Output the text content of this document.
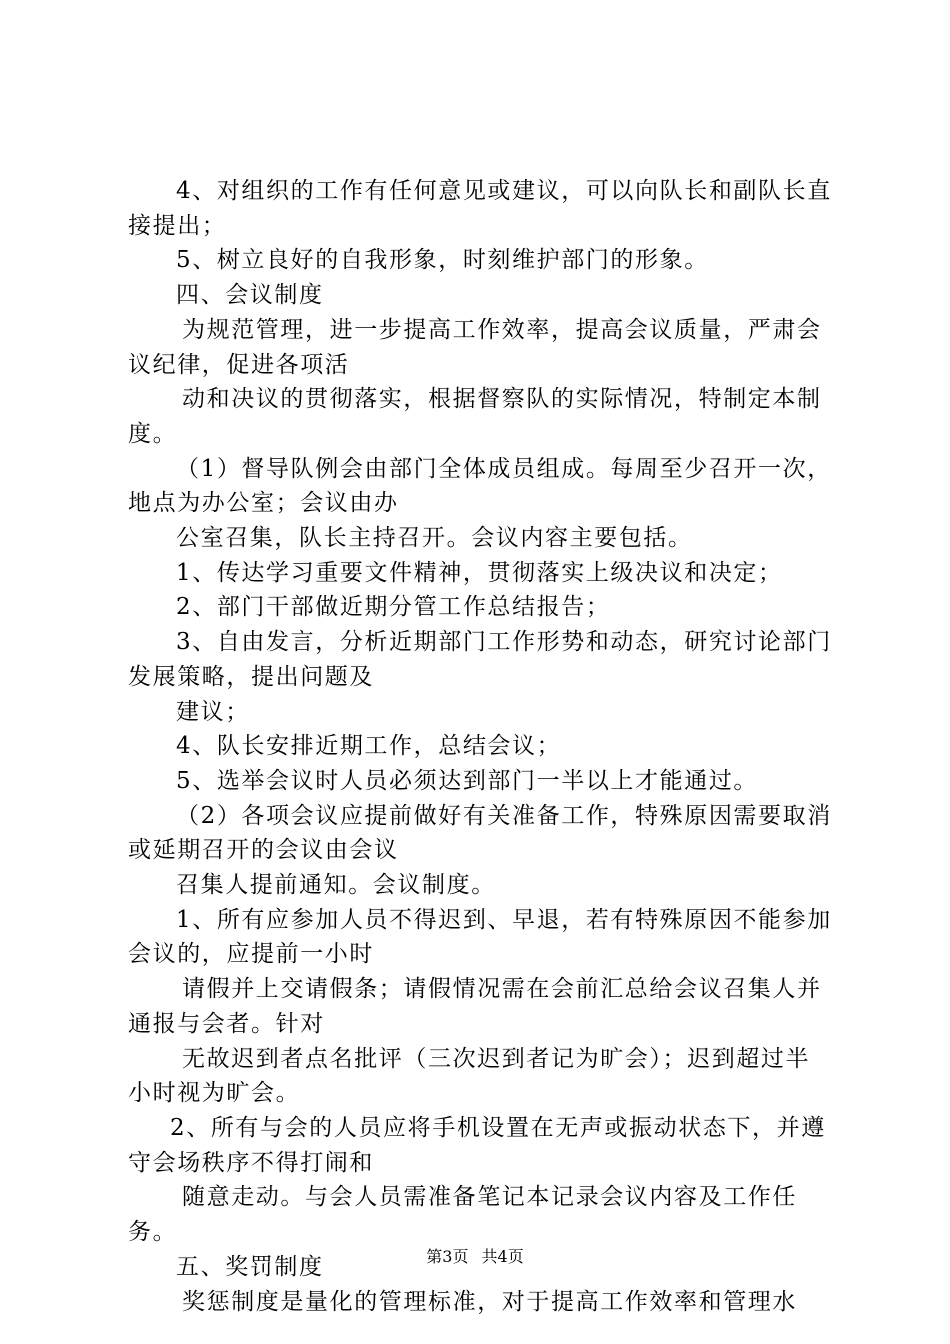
4、对组织的工作有任何意见或建议，可以向队长和副队长直接提出；

5、树立良好的自我形象，时刻维护部门的形象。

四、会议制度

为规范管理，进一步提高工作效率，提高会议质量，严肃会议纪律，促进各项活

动和决议的贯彻落实，根据督察队的实际情况，特制定本制度。

（1）督导队例会由部门全体成员组成。每周至少召开一次，地点为办公室；会议由办

公室召集，队长主持召开。会议内容主要包括。

1、传达学习重要文件精神，贯彻落实上级决议和决定；

2、部门干部做近期分管工作总结报告；

3、自由发言，分析近期部门工作形势和动态，研究讨论部门发展策略，提出问题及

建议；

4、队长安排近期工作，总结会议；

5、选举会议时人员必须达到部门一半以上才能通过。

（2）各项会议应提前做好有关准备工作，特殊原因需要取消或延期召开的会议由会议

召集人提前通知。会议制度。

1、所有应参加人员不得迟到、早退，若有特殊原因不能参加会议的，应提前一小时

请假并上交请假条；请假情况需在会前汇总给会议召集人并通报与会者。针对

无故迟到者点名批评（三次迟到者记为旷会）；迟到超过半小时视为旷会。

2、所有与会的人员应将手机设置在无声或振动状态下，并遵守会场秩序不得打闹和

随意走动。与会人员需准备笔记本记录会议内容及工作任务。

五、奖罚制度

奖惩制度是量化的管理标准，对于提高工作效率和管理水

第3页 共4页
